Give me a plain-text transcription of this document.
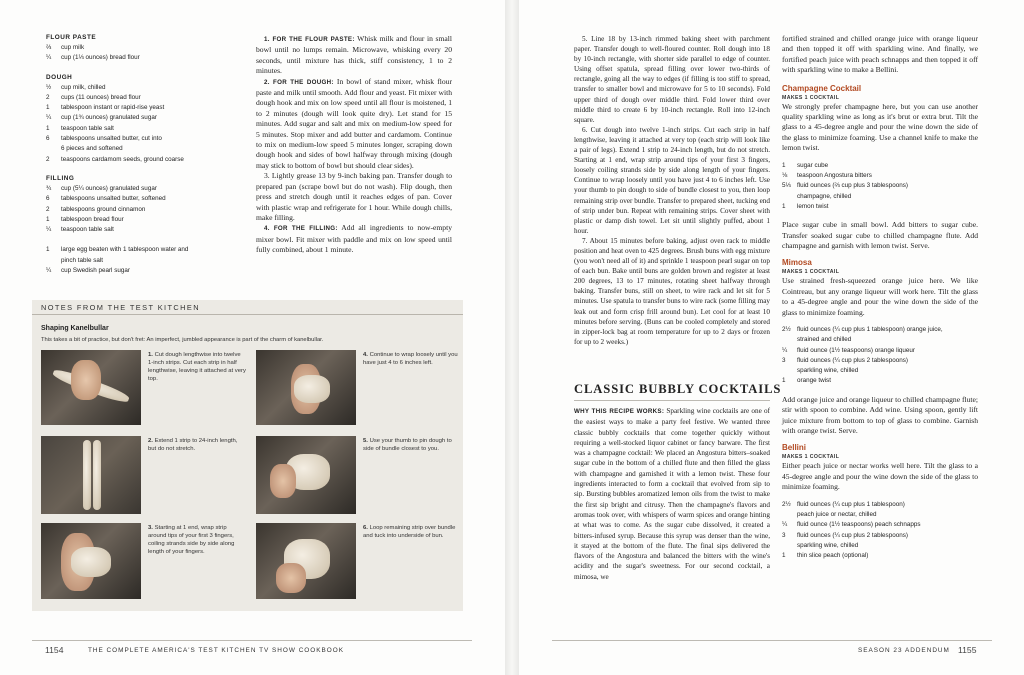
FLOUR PASTE
⅔ cup milk
¼ cup (1⅓ ounces) bread flour
DOUGH
½ cup milk, chilled
2 cups (11 ounces) bread flour
1 tablespoon instant or rapid-rise yeast
¼ cup (1¾ ounces) granulated sugar
1 teaspoon table salt
6 tablespoons unsalted butter, cut into
6 pieces and softened
2 teaspoons cardamom seeds, ground coarse
FILLING
¾ cup (5¼ ounces) granulated sugar
6 tablespoons unsalted butter, softened
2 tablespoons ground cinnamon
1 tablespoon bread flour
¼ teaspoon table salt
1 large egg beaten with 1 tablespoon water and
pinch table salt
¼ cup Swedish pearl sugar

1. FOR THE FLOUR PASTE: Whisk milk and flour in small bowl until no lumps remain. Microwave, whisking every 20 seconds, until mixture has thick, stiff consistency, 1 to 2 minutes.

2. FOR THE DOUGH: In bowl of stand mixer, whisk flour paste and milk until smooth. Add flour and yeast. Fit mixer with dough hook and mix on low speed until all flour is moistened, 1 to 2 minutes (dough will look quite dry). Let stand for 15 minutes. Add sugar and salt and mix on medium-low speed for 5 minutes. Stop mixer and add butter and cardamom. Continue to mix on medium-low speed 5 minutes longer, scraping down dough hook and sides of bowl halfway through mixing (dough may stick to bottom of bowl but should clear sides).

3. Lightly grease 13 by 9-inch baking pan. Transfer dough to prepared pan (scrape bowl but do not wash). Flip dough, then press and stretch dough until it reaches edges of pan. Cover with plastic wrap and refrigerate for 1 hour. While dough chills, make filling.

4. FOR THE FILLING: Add all ingredients to now-empty mixer bowl. Fit mixer with paddle and mix on low speed until fully combined, about 1 minute.

NOTES FROM THE TEST KITCHEN
Shaping Kanelbullar
This takes a bit of practice, but don't fret: An imperfect, jumbled appearance is part of the charm of kanelbullar.
1. Cut dough lengthwise into twelve 1-inch strips. Cut each strip in half lengthwise, leaving it attached at very top.
4. Continue to wrap loosely until you have just 4 to 6 inches left.
2. Extend 1 strip to 24-inch length, but do not stretch.
5. Use your thumb to pin dough to side of bundle closest to you.
3. Starting at 1 end, wrap strip around tips of your first 3 fingers, coiling strands side by side along length of your fingers.
6. Loop remaining strip over bundle and tuck into underside of bun.
1154	THE COMPLETE AMERICA'S TEST KITCHEN TV SHOW COOKBOOK

5. Line 18 by 13-inch rimmed baking sheet with parchment paper. Transfer dough to well-floured counter. Roll dough into 18 by 10-inch rectangle, with shorter side parallel to edge of counter. Using offset spatula, spread filling over lower two-thirds of rectangle, going all the way to edges (if filling is too stiff to spread, transfer to smaller bowl and microwave for 5 to 10 seconds). Fold upper third of dough over middle third. Fold lower third over middle third to create 6 by 10-inch rectangle. Roll into 12-inch square.

6. Cut dough into twelve 1-inch strips. Cut each strip in half lengthwise, leaving it attached at very top (each strip will look like a pair of legs). Extend 1 strip to 24-inch length, but do not stretch. Starting at 1 end, wrap strip around tips of your first 3 fingers, loosely coiling strands side by side along length of your fingers. Continue to wrap loosely until you have just 4 to 6 inches left. Use your thumb to pin dough to side of bundle closest to you, then loop remaining strip over bundle. Transfer to prepared sheet, tucking end of strip under bun. Repeat with remaining strips. Cover sheet with plastic or damp dish towel. Let sit until slightly puffed, about 1 hour.

7. About 15 minutes before baking, adjust oven rack to middle position and heat oven to 425 degrees. Brush buns with egg mixture (you won't need all of it) and sprinkle 1 teaspoon pearl sugar on top of each bun. Bake until buns are golden brown and register at least 200 degrees, 13 to 17 minutes, rotating sheet halfway through baking. Transfer buns, still on sheet, to wire rack and let sit for 5 minutes. Use spatula to transfer buns to wire rack (some filling may leak out and form crisp frill around bun). Let cool for at least 10 minutes before serving. (Buns can be cooled completely and stored in zipper-lock bag at room temperature for up to 2 days or frozen for up to 2 weeks.)

CLASSIC BUBBLY COCKTAILS

WHY THIS RECIPE WORKS: Sparkling wine cocktails are one of the easiest ways to make a party feel festive. We wanted three classic bubbly cocktails that come together quickly without requiring a well-stocked liquor cabinet or fancy barware. The first was a champagne cocktail: We placed an Angostura bitters–soaked sugar cube in the bottom of a chilled flute and then filled the glass with champagne and garnished it with a lemon twist. These four ingredients interacted to form a cocktail that evolved from sip to sip. Bursting bubbles aromatized lemon oils from the twist to make the first sip bright and citrusy. Then the champagne's flavors and aromas took over, with whispers of warm spices and orange hinting at what was to come. As the sugar cube dissolved, it created a bitters-infused syrup. Because this syrup was denser than the wine, it stayed at the bottom of the flute. The final sips delivered the flavors of the Angostura and balanced the bitters with the wine's acidity and the sugar's sweetness. For our second cocktail, a mimosa, we

fortified strained and chilled orange juice with orange liqueur and then topped it off with sparkling wine. And finally, we fortified peach juice with peach schnapps and then topped it off with sparkling wine to make a Bellini.

Champagne Cocktail
MAKES 1 COCKTAIL

We strongly prefer champagne here, but you can use another quality sparkling wine as long as it's brut or extra brut. Tilt the glass to a 45-degree angle and pour the wine down the side of the glass to minimize foaming. Use a channel knife to make the lemon twist.

1 sugar cube
⅛ teaspoon Angostura bitters
5⅓ fluid ounces (⅔ cup plus 3 tablespoons)
champagne, chilled
1 lemon twist

Place sugar cube in small bowl. Add bitters to sugar cube. Transfer soaked sugar cube to chilled champagne flute. Add champagne and garnish with lemon twist. Serve.

Mimosa
MAKES 1 COCKTAIL

Use strained fresh-squeezed orange juice here. We like Cointreau, but any orange liqueur will work here. Tilt the glass to a 45-degree angle and pour the wine down the side of the glass to minimize foaming.

2½ fluid ounces (¼ cup plus 1 tablespoon) orange juice,
strained and chilled
¼ fluid ounce (1½ teaspoons) orange liqueur
3 fluid ounces (¼ cup plus 2 tablespoons)
sparkling wine, chilled
1 orange twist

Add orange juice and orange liqueur to chilled champagne flute; stir with spoon to combine. Add wine. Using spoon, gently lift juice mixture from bottom to top of glass to combine. Garnish with orange twist. Serve.

Bellini
MAKES 1 COCKTAIL

Either peach juice or nectar works well here. Tilt the glass to a 45-degree angle and pour the wine down the side of the glass to minimize foaming.

2½ fluid ounces (¼ cup plus 1 tablespoon)
peach juice or nectar, chilled
¼ fluid ounce (1½ teaspoons) peach schnapps
3 fluid ounces (¼ cup plus 2 tablespoons)
sparkling wine, chilled
1 thin slice peach (optional)
SEASON 23 ADDENDUM 1155
